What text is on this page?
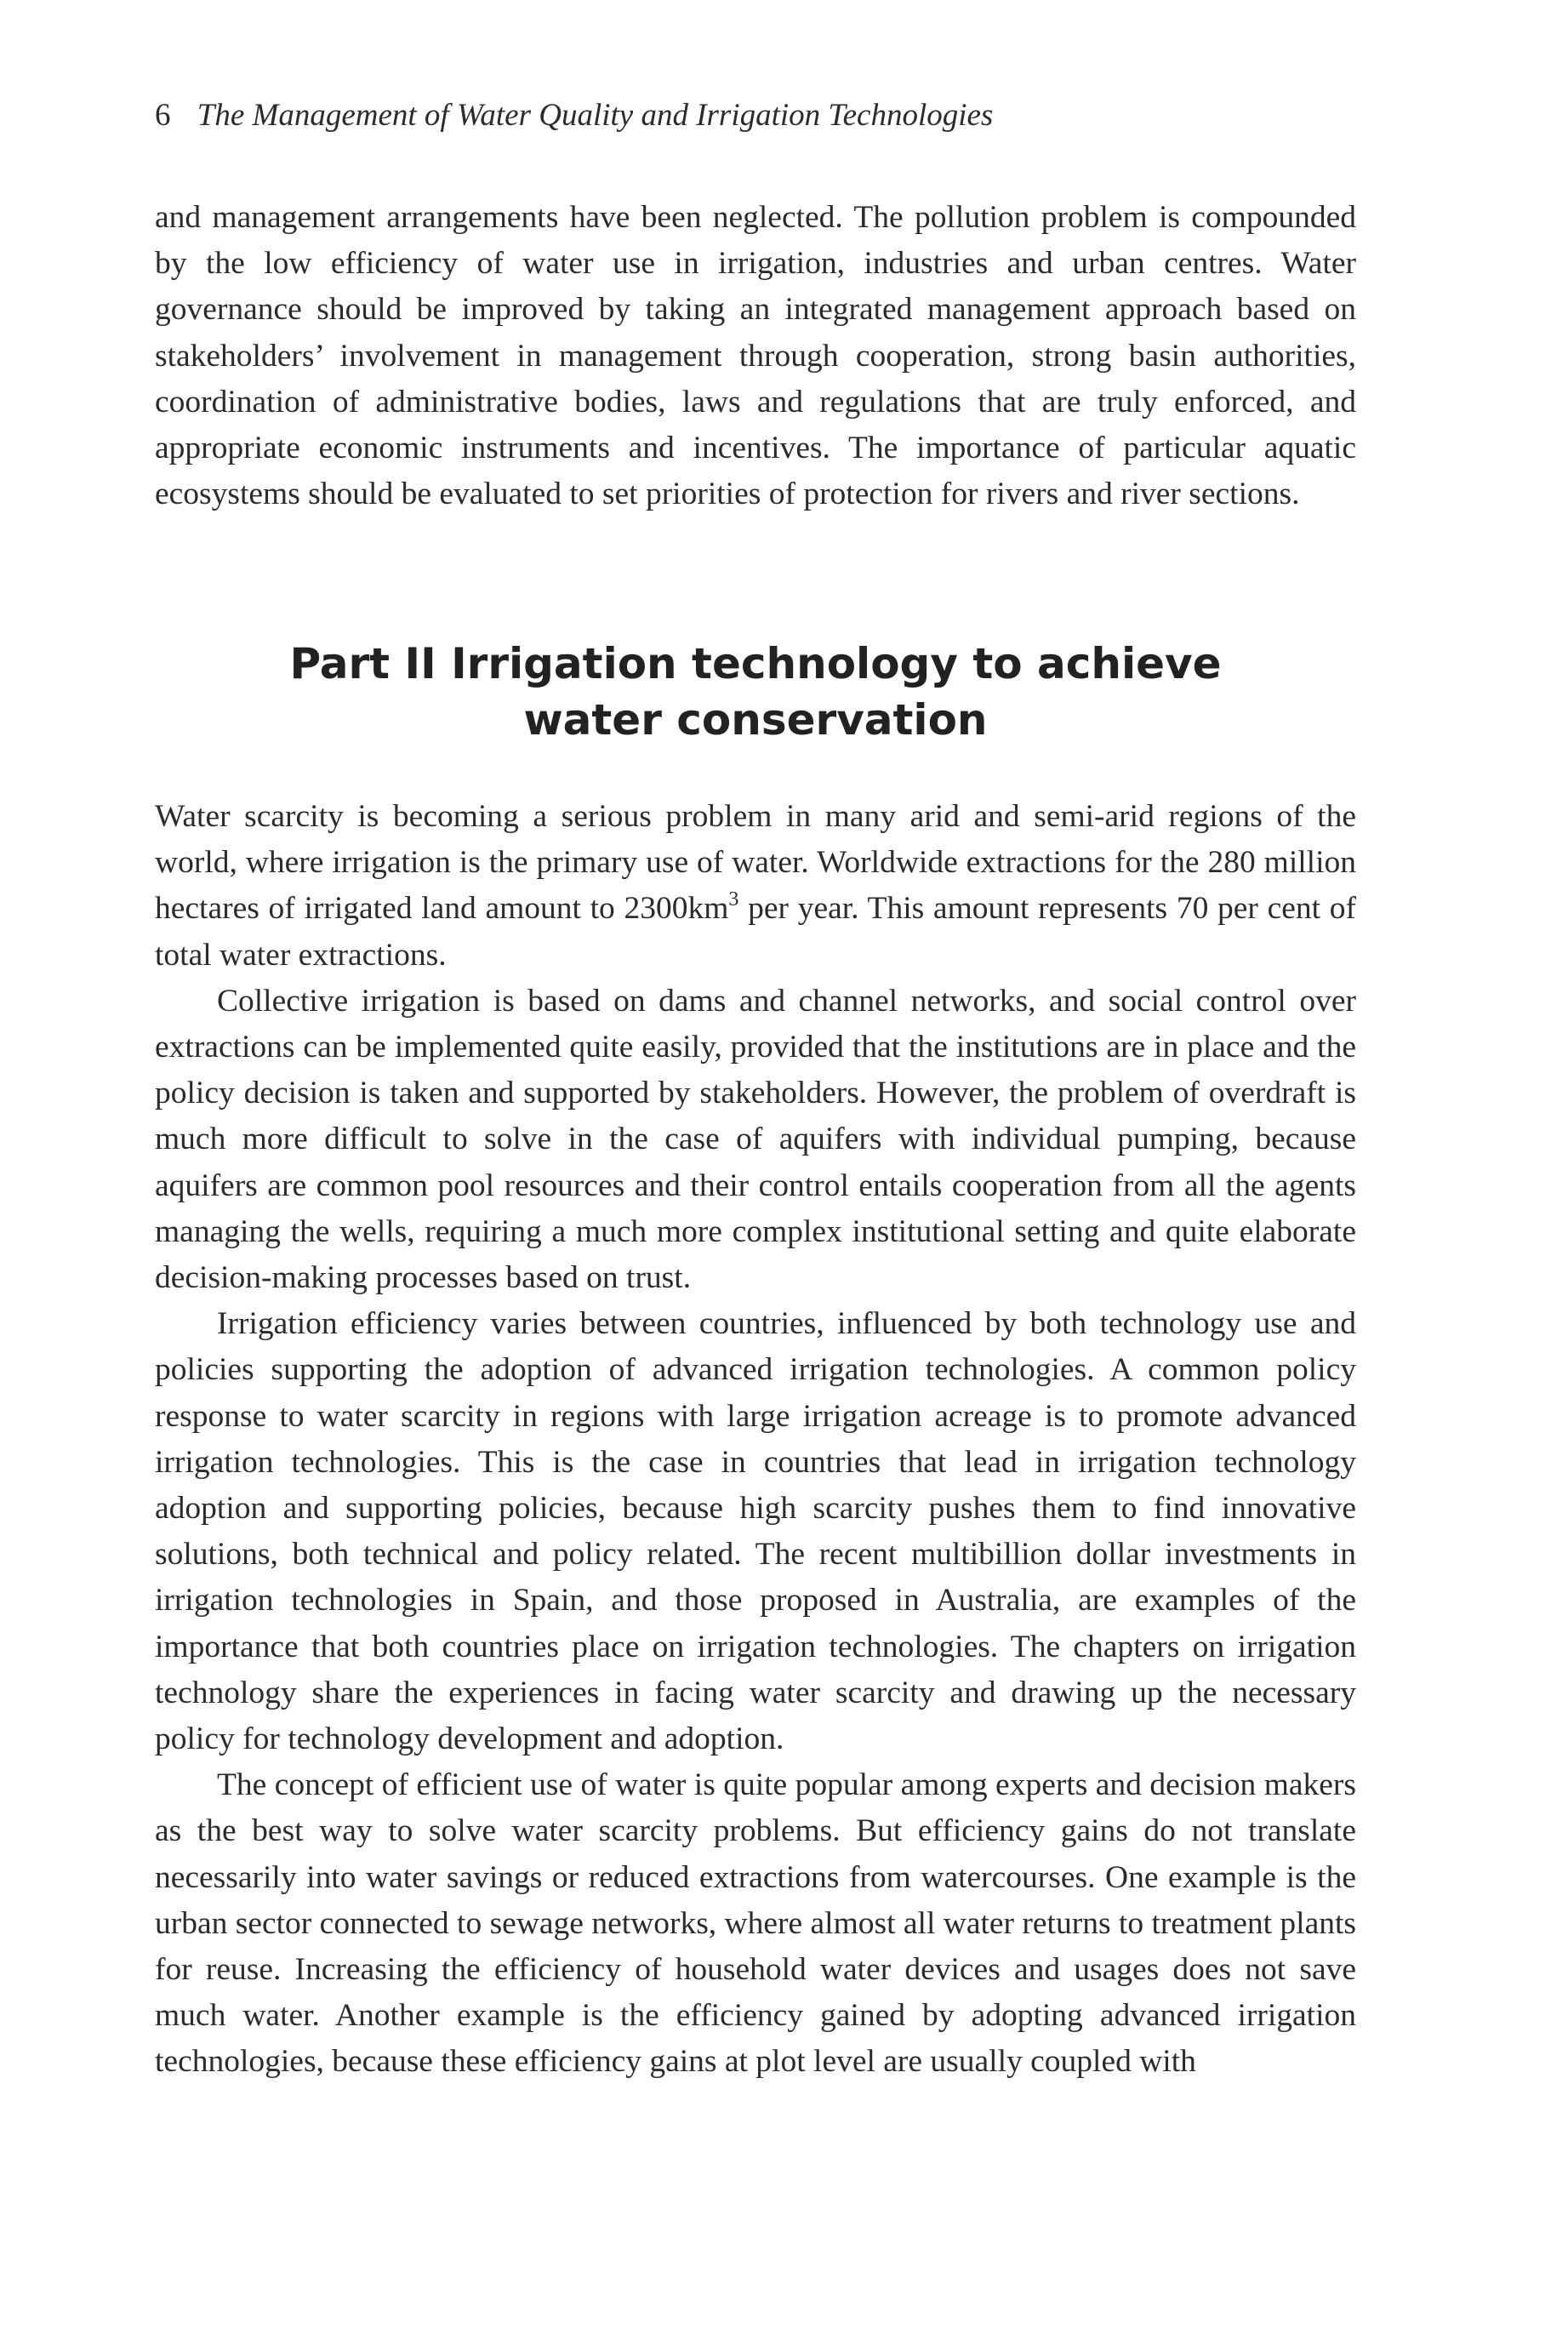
6 The Management of Water Quality and Irrigation Technologies

and management arrangements have been neglected. The pollution problem is compounded by the low efficiency of water use in irrigation, industries and urban centres. Water governance should be improved by taking an integrated management approach based on stakeholders’ involvement in management through cooperation, strong basin authorities, coordination of administrative bodies, laws and regulations that are truly enforced, and appropriate economic instruments and incentives. The importance of particular aquatic ecosystems should be evaluated to set priorities of protection for rivers and river sections.

Part II Irrigation technology to achieve
water conservation

Water scarcity is becoming a serious problem in many arid and semi-arid regions of the world, where irrigation is the primary use of water. Worldwide extractions for the 280 million hectares of irrigated land amount to $2300km^3$ per year. This amount represents 70 per cent of total water extractions.

Collective irrigation is based on dams and channel networks, and social control over extractions can be implemented quite easily, provided that the institutions are in place and the policy decision is taken and supported by stakeholders. However, the problem of overdraft is much more difficult to solve in the case of aquifers with individual pumping, because aquifers are common pool resources and their control entails cooperation from all the agents managing the wells, requiring a much more complex institutional setting and quite elaborate decision-making processes based on trust.

Irrigation efficiency varies between countries, influenced by both technology use and policies supporting the adoption of advanced irrigation technologies. A common policy response to water scarcity in regions with large irrigation acreage is to promote advanced irrigation technologies. This is the case in countries that lead in irrigation technology adoption and supporting policies, because high scarcity pushes them to find innovative solutions, both technical and policy related. The recent multibillion dollar investments in irrigation technologies in Spain, and those proposed in Australia, are examples of the importance that both countries place on irrigation technologies. The chapters on irrigation technology share the experiences in facing water scarcity and drawing up the necessary policy for technology development and adoption.

The concept of efficient use of water is quite popular among experts and decision makers as the best way to solve water scarcity problems. But efficiency gains do not translate necessarily into water savings or reduced extractions from watercourses. One example is the urban sector connected to sewage networks, where almost all water returns to treatment plants for reuse. Increasing the efficiency of household water devices and usages does not save much water. Another example is the efficiency gained by adopting advanced irrigation technologies, because these efficiency gains at plot level are usually coupled with
